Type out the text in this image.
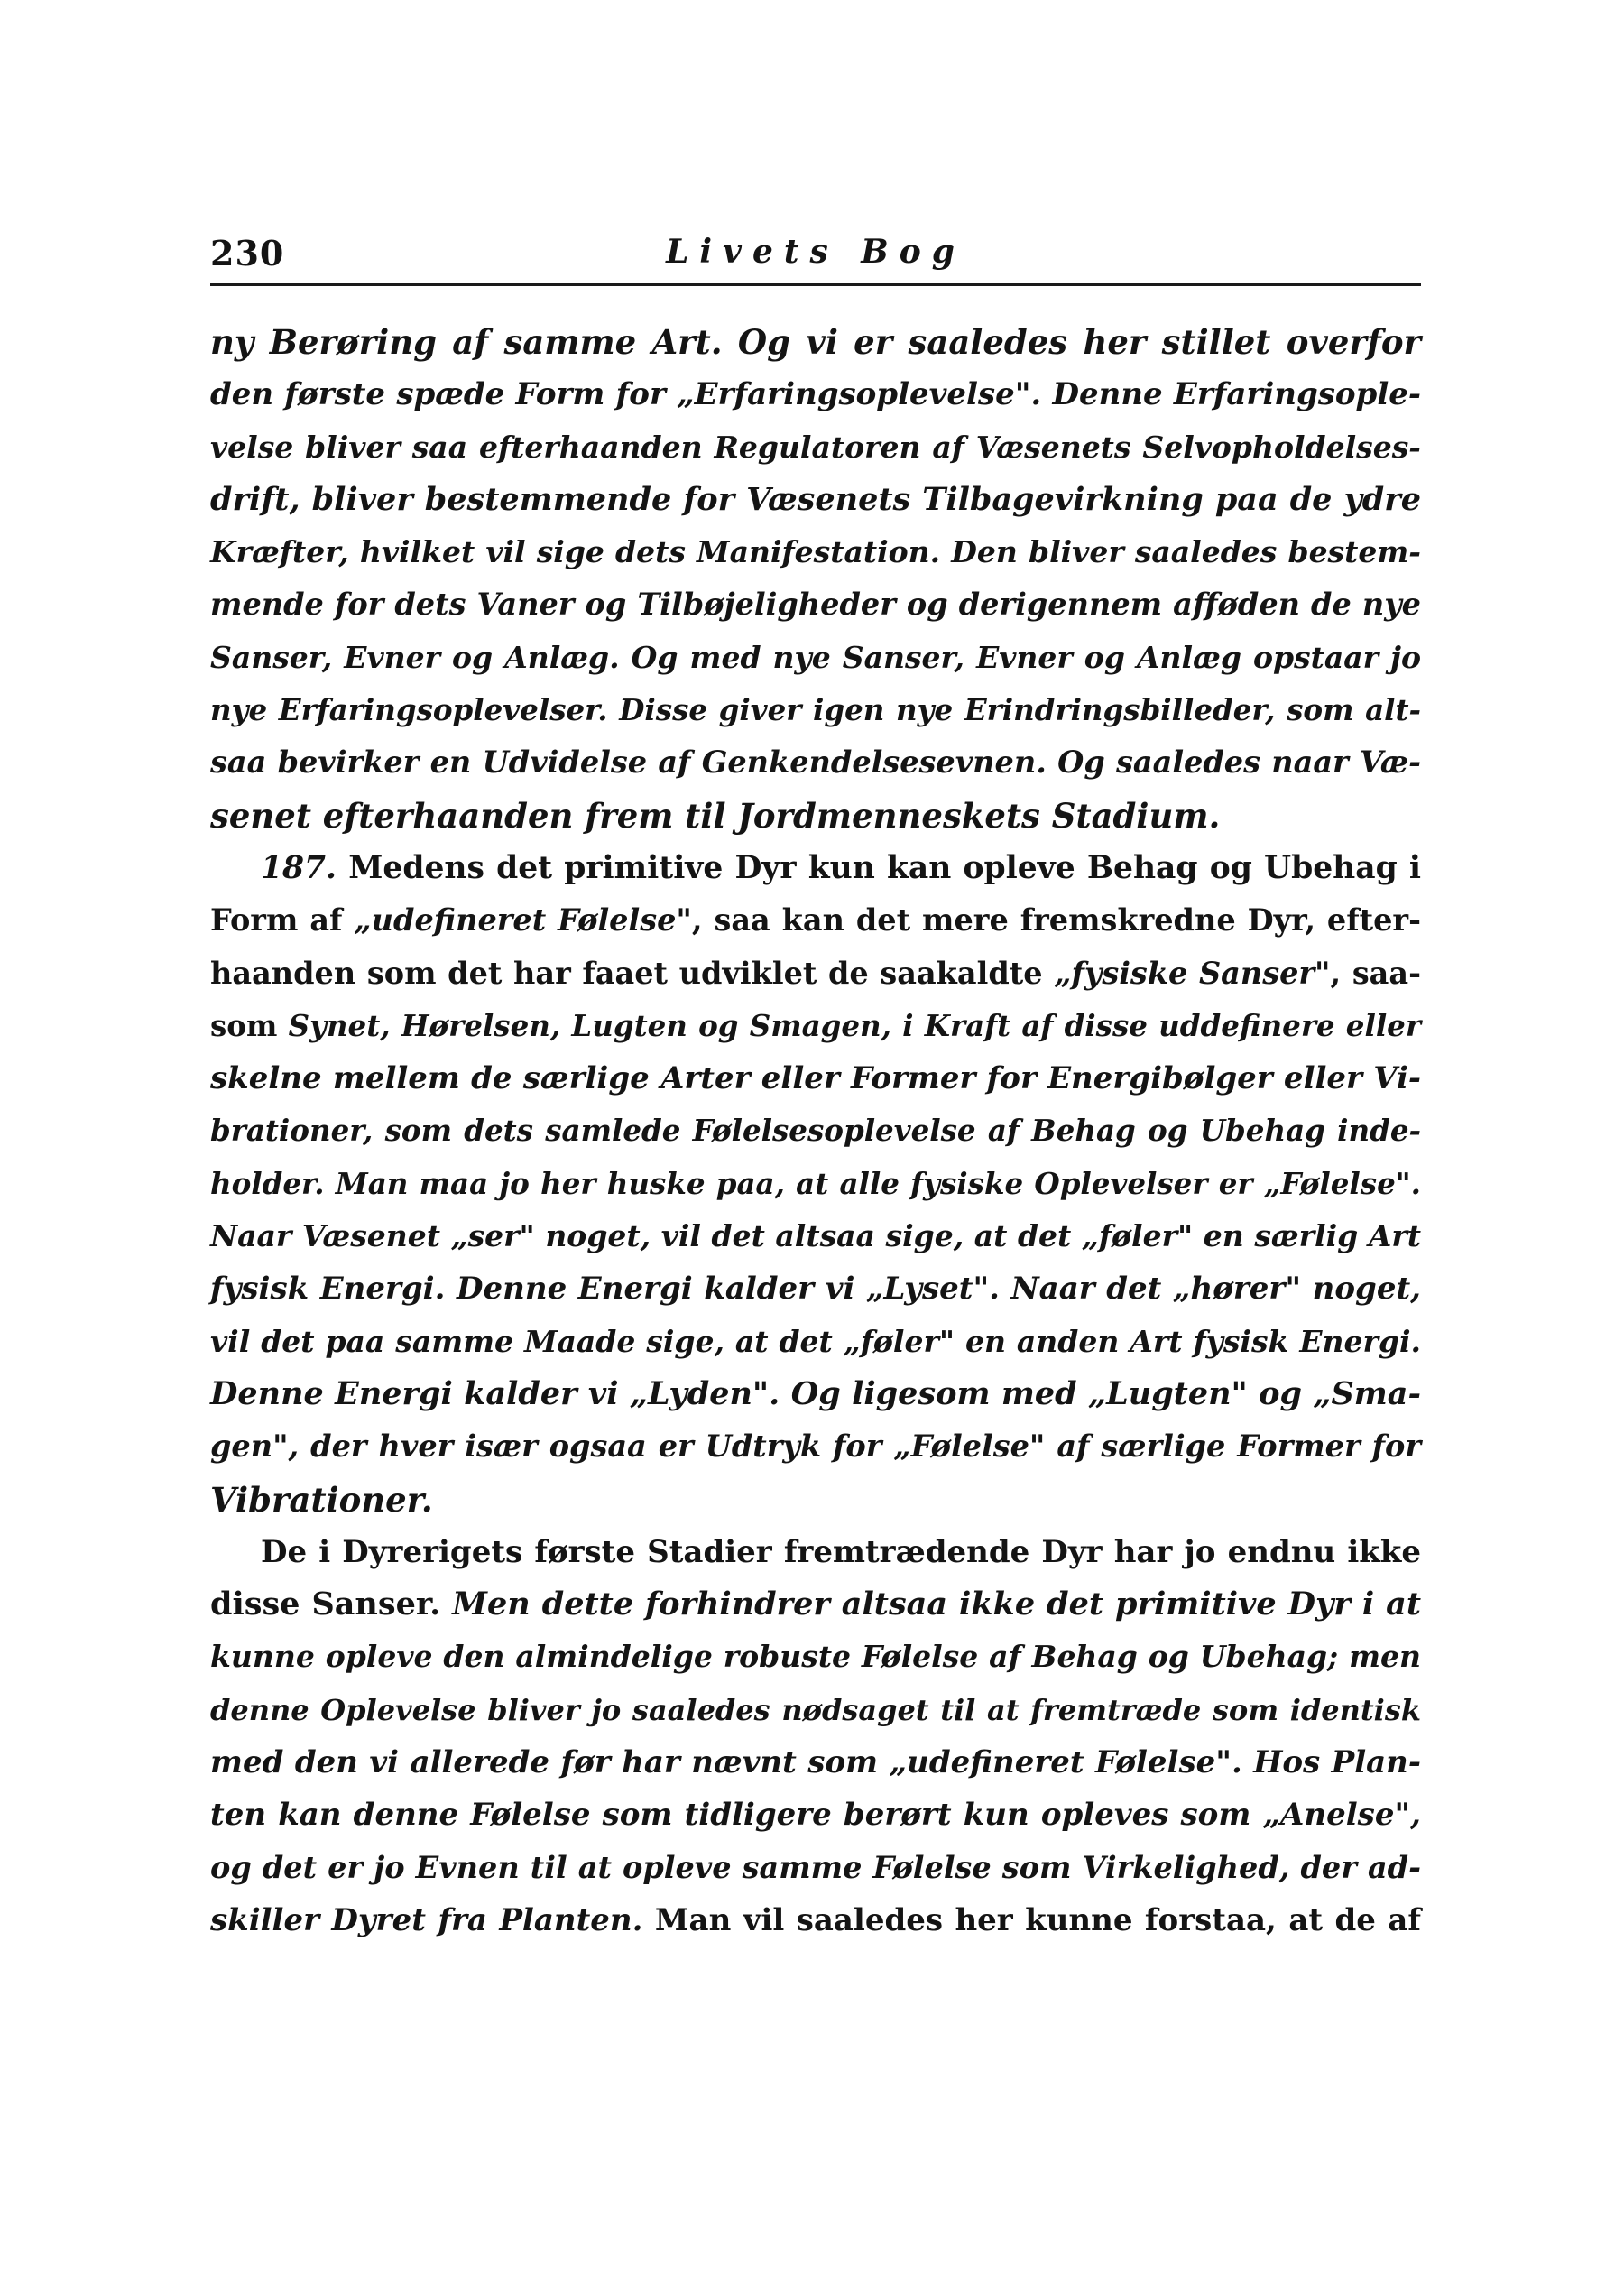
230	Livets Bog
ny Berøring af samme Art. Og vi er saaledes her stillet overfor
den første spæde Form for „Erfaringsoplevelse". Denne Erfaringsople-
velse bliver saa efterhaanden Regulatoren af Væsenets Selvopholdelses-
drift, bliver bestemmende for Væsenets Tilbagevirkning paa de ydre
Kræfter, hvilket vil sige dets Manifestation. Den bliver saaledes bestem-
mende for dets Vaner og Tilbøjeligheder og derigennem afføden de nye
Sanser, Evner og Anlæg. Og med nye Sanser, Evner og Anlæg opstaar jo
nye Erfaringsoplevelser. Disse giver igen nye Erindringsbilleder, som alt-
saa bevirker en Udvidelse af Genkendelsesevnen. Og saaledes naar Væ-
senet efterhaanden frem til Jordmenneskets Stadium.
187. Medens det primitive Dyr kun kan opleve Behag og Ubehag i
Form af „udefineret Følelse", saa kan det mere fremskredne Dyr, efter-
haanden som det har faaet udviklet de saakaldte „fysiske Sanser", saa-
som Synet, Hørelsen, Lugten og Smagen, i Kraft af disse uddefinere eller
skelne mellem de særlige Arter eller Former for Energibølger eller Vi-
brationer, som dets samlede Følelsesoplevelse af Behag og Ubehag inde-
holder. Man maa jo her huske paa, at alle fysiske Oplevelser er „Følelse".
Naar Væsenet „ser" noget, vil det altsaa sige, at det „føler" en særlig Art
fysisk Energi. Denne Energi kalder vi „Lyset". Naar det „hører" noget,
vil det paa samme Maade sige, at det „føler" en anden Art fysisk Energi.
Denne Energi kalder vi „Lyden". Og ligesom med „Lugten" og „Sma-
gen", der hver især ogsaa er Udtryk for „Følelse" af særlige Former for
Vibrationer.
De i Dyrerigets første Stadier fremtrædende Dyr har jo endnu ikke
disse Sanser. Men dette forhindrer altsaa ikke det primitive Dyr i at
kunne opleve den almindelige robuste Følelse af Behag og Ubehag; men
denne Oplevelse bliver jo saaledes nødsaget til at fremtræde som identisk
med den vi allerede før har nævnt som „udefineret Følelse". Hos Plan-
ten kan denne Følelse som tidligere berørt kun opleves som „Anelse",
og det er jo Evnen til at opleve samme Følelse som Virkelighed, der ad-
skiller Dyret fra Planten. Man vil saaledes her kunne forstaa, at de af
